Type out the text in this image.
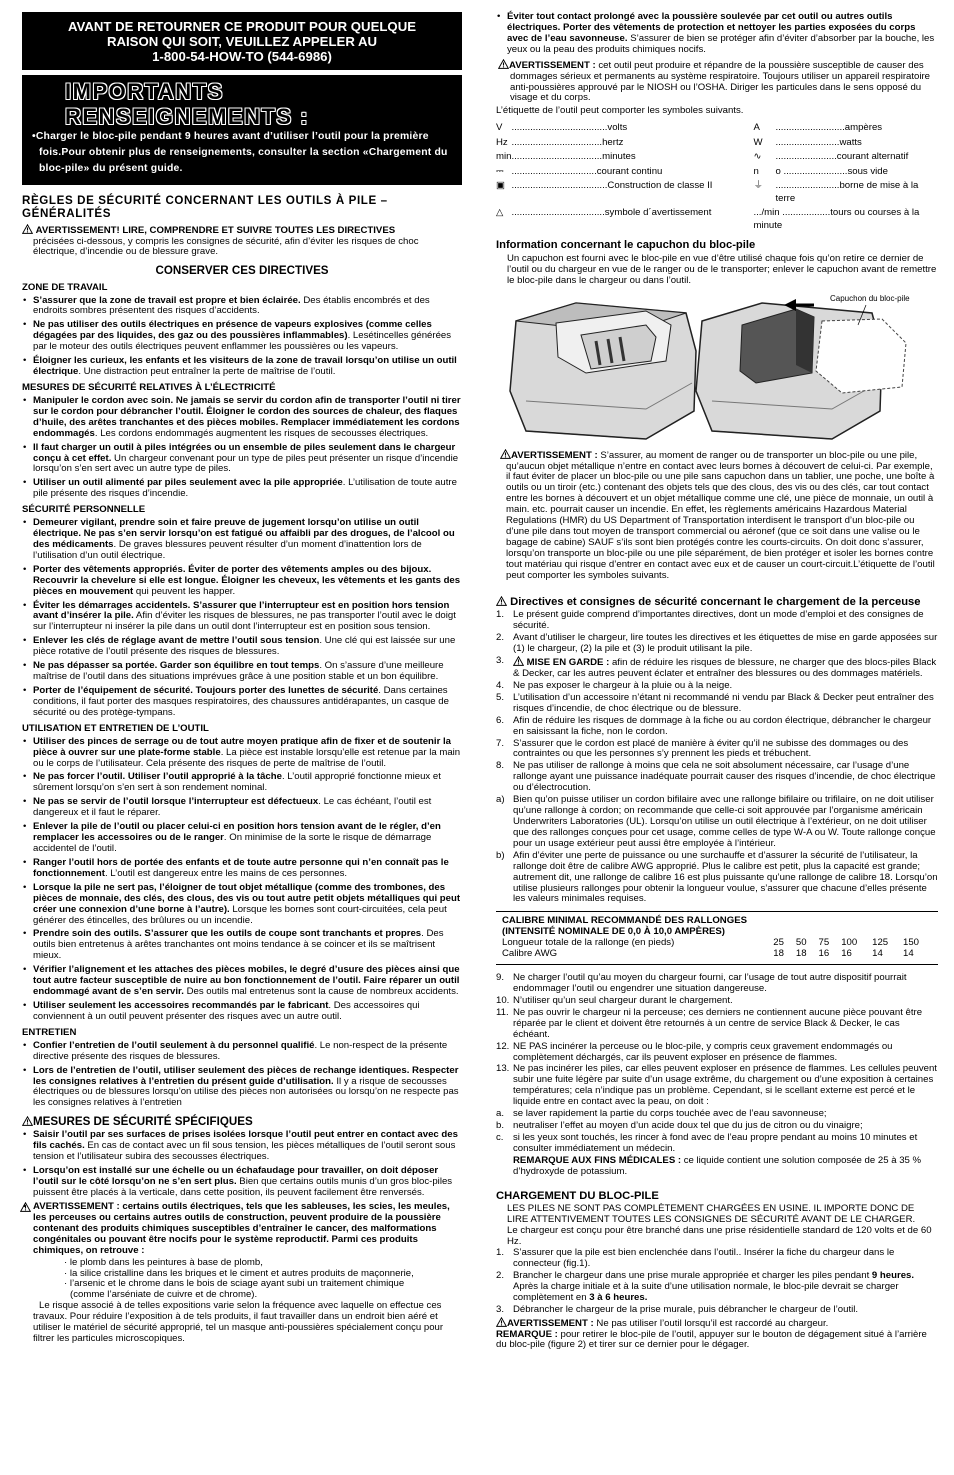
AVANT DE RETOURNER CE PRODUIT POUR QUELQUE
RAISON QUI SOIT, VEUILLEZ APPELER AU
1-800-54-HOW-TO (544-6986)
IMPORTANTS RENSEIGNEMENTS :
•Charger le bloc-pile pendant 9 heures avant d’utiliser l’outil pour la première fois.Pour obtenir plus de renseignements, consulter la section «Chargement du bloc-pile» du présent guide.
RÈGLES DE SÉCURITÉ CONCERNANT LES OUTILS À PILE – GÉNÉRALITÉS

AVERTISSEMENT! LIRE, COMPRENDRE ET SUIVRE TOUTES LES DIRECTIVES

précisées ci-dessous, y compris les consignes de sécurité, afin d’éviter les risques de choc électrique, d’incendie ou de blessure grave.

CONSERVER CES DIRECTIVES
ZONE DE TRAVAIL
• S’assurer que la zone de travail est propre et bien éclairée. Des établis encombrés et des endroits sombres présentent des risques d’accidents.
• Ne pas utiliser des outils électriques en présence de vapeurs explosives (comme celles dégagées par des liquides, des gaz ou des poussières inflammables). Lesétincelles générées par le moteur des outils électriques peuvent enflammer les poussières ou les vapeurs.
• Éloigner les curieux, les enfants et les visiteurs de la zone de travail lorsqu’on utilise un outil électrique. Une distraction peut entraîner la perte de maîtrise de l’outil.
MESURES DE SÉCURITÉ RELATIVES À L’ÉLECTRICITÉ
• Manipuler le cordon avec soin. Ne jamais se servir du cordon afin de transporter l’outil ni tirer sur le cordon pour débrancher l’outil. Éloigner le cordon des sources de chaleur, des flaques d’huile, des arêtes tranchantes et des pièces mobiles. Remplacer immédiatement les cordons endommagés. Les cordons endommagés augmentent les risques de secousses électriques.
• Il faut charger un outil à piles intégrées ou un ensemble de piles seulement dans le chargeur conçu à cet effet. Un chargeur convenant pour un type de piles peut présenter un risque d’incendie lorsqu’on s’en sert avec un autre type de piles.
• Utiliser un outil alimenté par piles seulement avec la pile appropriée. L’utilisation de toute autre pile présente des risques d’incendie.
SÉCURITÉ PERSONNELLE
• Demeurer vigilant, prendre soin et faire preuve de jugement lorsqu’on utilise un outil électrique. Ne pas s’en servir lorsqu’on est fatigué ou affaibli par des drogues, de l’alcool ou des médicaments. De graves blessures peuvent résulter d’un moment d’inattention lors de l’utilisation d’un outil électrique.
• Porter des vêtements appropriés. Éviter de porter des vêtements amples ou des bijoux. Recouvrir la chevelure si elle est longue. Éloigner les cheveux, les vêtements et les gants des pièces en mouvement qui peuvent les happer.
• Éviter les démarrages accidentels. S’assurer que l’interrupteur est en position hors tension avant d’insérer la pile. Afin d’éviter les risques de blessures, ne pas transporter l’outil avec le doigt sur l’interrupteur ni insérer la pile dans un outil dont l’interrupteur est en position sous tension.
• Enlever les clés de réglage avant de mettre l’outil sous tension. Une clé qui est laissée sur une pièce rotative de l’outil présente des risques de blessures.
• Ne pas dépasser sa portée. Garder son équilibre en tout temps. On s’assure d’une meilleure maîtrise de l’outil dans des situations imprévues grâce à une position stable et un bon équilibre.
• Porter de l’équipement de sécurité. Toujours porter des lunettes de sécurité. Dans certaines conditions, il faut porter des masques respiratoires, des chaussures antidérapantes, un casque de sécurité ou des protège-tympans.
UTILISATION ET ENTRETIEN DE L’OUTIL
• Utiliser des pinces de serrage ou de tout autre moyen pratique afin de fixer et de soutenir la pièce à ouvrer sur une plate-forme stable. La pièce est instable lorsqu’elle est retenue par la main ou le corps de l’utilisateur. Cela présente des risques de perte de maîtrise de l’outil.
• Ne pas forcer l’outil. Utiliser l’outil approprié à la tâche. L’outil approprié fonctionne mieux et sûrement lorsqu’on s’en sert à son rendement nominal.
• Ne pas se servir de l’outil lorsque l’interrupteur est défectueux. Le cas échéant, l’outil est dangereux et il faut le réparer.
• Enlever la pile de l’outil ou placer celui-ci en position hors tension avant de le régler, d’en remplacer les accessoires ou de le ranger. On minimise de la sorte le risque de démarrage accidentel de l’outil.
• Ranger l’outil hors de portée des enfants et de toute autre personne qui n’en connaît pas le fonctionnement. L’outil est dangereux entre les mains de ces personnes.
• Lorsque la pile ne sert pas, l’éloigner de tout objet métallique (comme des trombones, des pièces de monnaie, des clés, des clous, des vis ou tout autre petit objets métalliques qui peut créer une connexion d’une borne à l’autre). Lorsque les bornes sont court-circuitées, cela peut générer des étincelles, des brûlures ou un incendie.
• Prendre soin des outils. S’assurer que les outils de coupe sont tranchants et propres. Des outils bien entretenus à arêtes tranchantes ont moins tendance à se coincer et ils se maîtrisent mieux.
• Vérifier l’alignement et les attaches des pièces mobiles, le degré d’usure des pièces ainsi que tout autre facteur susceptible de nuire au bon fonctionnement de l’outil. Faire réparer un outil endommagé avant de s’en servir. Des outils mal entretenus sont la cause de nombreux accidents.
• Utiliser seulement les accessoires recommandés par le fabricant. Des accessoires qui conviennent à un outil peuvent présenter des risques avec un autre outil.
ENTRETIEN
• Confier l’entretien de l’outil seulement à du personnel qualifié. Le non-respect de la présente directive présente des risques de blessures.
• Lors de l’entretien de l’outil, utiliser seulement des pièces de rechange identiques. Respecter les consignes relatives à l’entretien du présent guide d’utilisation. Il y a risque de secousses électriques ou de blessures lorsqu’on utilise des pièces non autorisées ou lorsqu’on ne respecte pas les consignes relatives à l’entretien
MESURES DE SÉCURITÉ SPÉCIFIQUES
• Saisir l’outil par ses surfaces de prises isolées lorsque l’outil peut entrer en contact avec des fils cachés. En cas de contact avec un fil sous tension, les pièces métalliques de l’outil seront sous tension et l’utilisateur subira des secousses électriques.
• Lorsqu’on est installé sur une échelle ou un échafaudage pour travailler, on doit déposer l’outil sur le côté lorsqu’on ne s’en sert plus. Bien que certains outils munis d’un gros bloc-piles puissent être placés à la verticale, dans cette position, ils peuvent facilement être renversés.

• AVERTISSEMENT : certains outils électriques, tels que les sableuses, les scies, les meules, les perceuses ou certains autres outils de construction, peuvent produire de la poussière contenant des produits chimiques susceptibles d’entraîner le cancer, des malformations congénitales ou pouvant être nocifs pour le système reproductif. Parmi ces produits chimiques, on retrouve :

· le plomb dans les peintures à base de plomb,
· la silice cristalline dans les briques et le ciment et autres produits de maçonnerie,
· l’arsenic et le chrome dans le bois de sciage ayant subi un traitement chimique
(comme l’arséniate de cuivre et de chrome).

Le risque associé à de telles expositions varie selon la fréquence avec laquelle on effectue ces travaux. Pour réduire l’exposition à de tels produits, il faut travailler dans un endroit bien aéré et utiliser le matériel de sécurité approprié, tel un masque anti-poussières spécialement conçu pour filtrer les particules microscopiques.

• Éviter tout contact prolongé avec la poussière soulevée par cet outil ou autres outils électriques. Porter des vêtements de protection et nettoyer les parties exposées du corps avec de l’eau savonneuse. S’assurer de bien se protéger afin d’éviter d’absorber par la bouche, les yeux ou la peau des produits chimiques nocifs.

AVERTISSEMENT : cet outil peut produire et répandre de la poussière susceptible de causer des dommages sérieux et permanents au système respiratoire. Toujours utiliser un appareil respiratoire anti-poussières approuvé par le NIOSH ou l’OSHA. Diriger les particules dans le sens opposé du visage et du corps.

L’étiquette de l’outil peut comporter les symboles suivants.

V	....................................volts	A	..........................ampères
Hz	..................................hertz	W	........................watts
min	..................................minutes	∿	.......................courant alternatif
⎓	................................courant continu	n	o ........................sous vide
▣	....................................Construction de classe II	⏚	........................borne de mise à la terre
△	...................................symbole d´avertissement	.../min ..................tours ou courses à la minute	
Information concernant le capuchon du bloc-pile

Un capuchon est fourni avec le bloc-pile en vue d’être utilisé chaque fois qu’on retire ce dernier de l’outil ou du chargeur en vue de le ranger ou de le transporter; enlever le capuchon avant de remettre le bloc-pile dans le chargeur ou dans l’outil.

Capuchon du bloc-pile

AVERTISSEMENT : S’assurer, au moment de ranger ou de transporter un bloc-pile ou une pile, qu’aucun objet métallique n’entre en contact avec leurs bornes à découvert de celui-ci. Par exemple, il faut éviter de placer un bloc-pile ou une pile sans capuchon dans un tablier, une poche, une boîte à outils ou un tiroir (etc.) contenant des objets tels que des clous, des vis ou des clés, car tout contact entre les bornes à découvert et un objet métallique comme une clé, une pièce de monnaie, un outil à main. etc. pourrait causer un incendie. En effet, les règlements américains Hazardous Material Regulations (HMR) du US Department of Transportation interdisent le transport d’un bloc-pile ou d’une pile dans tout moyen de transport commercial ou aéronef (que ce soit dans une valise ou le bagage de cabine) SAUF s’ils sont bien protégés contre les courts-circuits. On doit donc s’assurer, lorsqu’on transporte un bloc-pile ou une pile séparément, de bien protéger et isoler les bornes contre tout matériau qui risque d’entrer en contact avec eux et de causer un court-circuit.L’étiquette de l’outil peut comporter les symboles suivants.

Directives et consignes de sécurité concernant le chargement de la perceuse
1. Le présent guide comprend d’importantes directives, dont un mode d’emploi et des consignes de sécurité.
2. Avant d’utiliser le chargeur, lire toutes les directives et les étiquettes de mise en garde apposées sur (1) le chargeur, (2) la pile et (3) le produit utilisant la pile.
3. MISE EN GARDE : afin de réduire les risques de blessure, ne charger que des blocs-piles Black & Decker, car les autres peuvent éclater et entraîner des blessures ou des dommages matériels.
4. Ne pas exposer le chargeur à la pluie ou à la neige.
5. L’utilisation d’un accessoire n’étant ni recommandé ni vendu par Black & Decker peut entraîner des risques d’incendie, de choc électrique ou de blessure.
6. Afin de réduire les risques de dommage à la fiche ou au cordon électrique, débrancher le chargeur en saisissant la fiche, non le cordon.
7. S’assurer que le cordon est placé de manière à éviter qu’il ne subisse des dommages ou des contraintes ou que les personnes s’y prennent les pieds et trébuchent.
8. Ne pas utiliser de rallonge à moins que cela ne soit absolument nécessaire, car l’usage d’une rallonge ayant une puissance inadéquate pourrait causer des risques d’incendie, de choc électrique ou d’électrocution.
a) Bien qu’on puisse utiliser un cordon bifilaire avec une rallonge bifilaire ou trifilaire, on ne doit utiliser qu’une rallonge à cordon; on recommande que celle-ci soit approuvée par l’organisme américain Underwriters Laboratories (UL). Lorsqu’on utilise un outil électrique à l’extérieur, on ne doit utiliser que des rallonges conçues pour cet usage, comme celles de type W-A ou W. Toute rallonge conçue pour un usage extérieur peut aussi être employée à l’intérieur.
b) Afin d’éviter une perte de puissance ou une surchauffe et d’assurer la sécurité de l’utilisateur, la rallonge doit être de calibre AWG approprié. Plus le calibre est petit, plus la capacité est grande; autrement dit, une rallonge de calibre 16 est plus puissante qu’une rallonge de calibre 18. Lorsqu’on utilise plusieurs rallonges pour obtenir la longueur voulue, s’assurer que chacune d’elles présente les valeurs minimales requises.
CALIBRE MINIMAL RECOMMANDÉ DES RALLONGES
(INTENSITÉ NOMINALE DE 0,0 À 10,0 AMPÈRES)
Longueur totale de la rallonge (en pieds)	25	50	75	100	125	150
Calibre AWG	18	18	16	16	14	14
9. Ne charger l’outil qu’au moyen du chargeur fourni, car l’usage de tout autre dispositif pourrait endommager l’outil ou engendrer une situation dangereuse.
10. N’utiliser qu’un seul chargeur durant le chargement.
11. Ne pas ouvrir le chargeur ni la perceuse; ces derniers ne contiennent aucune pièce pouvant être réparée par le client et doivent être retournés à un centre de service Black & Decker, le cas échéant.
12. NE PAS incinérer la perceuse ou le bloc-pile, y compris ceux gravement endommagés ou complètement déchargés, car ils peuvent exploser en présence de flammes.
13. Ne pas incinérer les piles, car elles peuvent exploser en présence de flammes. Les cellules peuvent subir une fuite légère par suite d’un usage extrême, du chargement ou d’une exposition à certaines températures; cela n’indique pas un problème. Cependant, si le scellant externe est percé et le liquide entre en contact avec la peau, on doit :
a. se laver rapidement la partie du corps touchée avec de l’eau savonneuse;
b. neutraliser l’effet au moyen d’un acide doux tel que du jus de citron ou du vinaigre;
c. si les yeux sont touchés, les rincer à fond avec de l’eau propre pendant au moins 10 minutes et consulter immédiatement un médecin.

REMARQUE AUX FINS MÉDICALES : ce liquide contient une solution composée de 25 à 35 % d’hydroxyde de potassium.

CHARGEMENT DU BLOC-PILE

LES PILES NE SONT PAS COMPLÈTEMENT CHARGÉES EN USINE. IL IMPORTE DONC DE LIRE ATTENTIVEMENT TOUTES LES CONSIGNES DE SÉCURITÉ AVANT DE LE CHARGER.

Le chargeur est conçu pour être branché dans une prise résidentielle standard de 120 volts et de 60 Hz.

1. S’assurer que la pile est bien enclenchée dans l’outil.. Insérer la fiche du chargeur dans le connecteur (fig.1).
2. Brancher le chargeur dans une prise murale appropriée et charger les piles pendant 9 heures. Après la charge initiale et à la suite d’une utilisation normale, le bloc-pile devrait se charger complètement en 3 à 6 heures.
3. Débrancher le chargeur de la prise murale, puis débrancher le chargeur de l’outil.

AVERTISSEMENT : Ne pas utiliser l’outil lorsqu’il est raccordé au chargeur.

REMARQUE : pour retirer le bloc-pile de l’outil, appuyer sur le bouton de dégagement situé à l’arrière du bloc-pile (figure 2) et tirer sur ce dernier pour le dégager.
